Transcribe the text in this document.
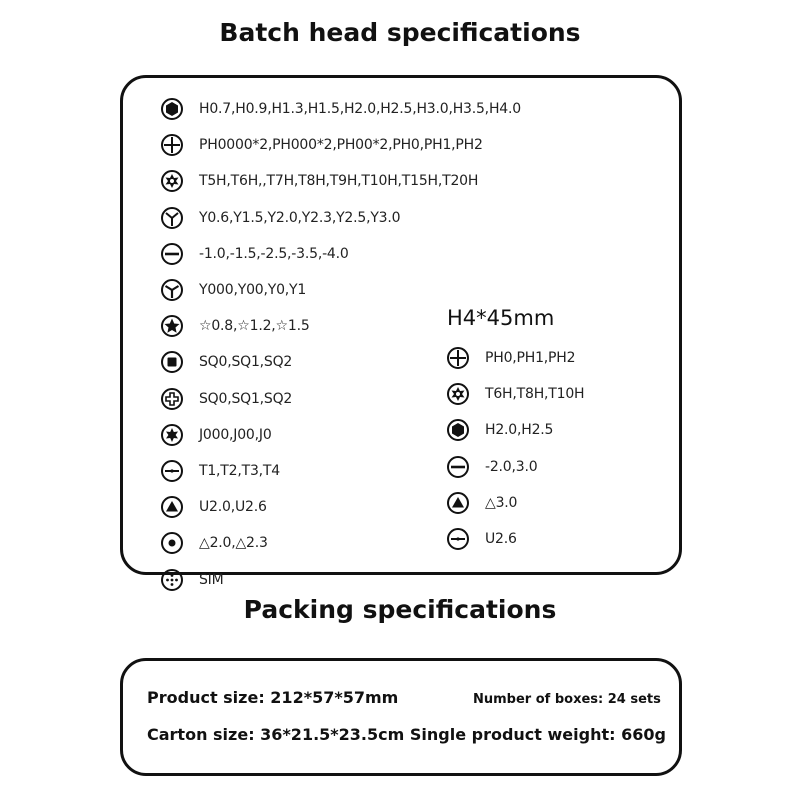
Batch head specifications
H0.7,H0.9,H1.3,H1.5,H2.0,H2.5,H3.0,H3.5,H4.0
PH0000*2,PH000*2,PH00*2,PH0,PH1,PH2
T5H,T6H,,T7H,T8H,T9H,T10H,T15H,T20H
Y0.6,Y1.5,Y2.0,Y2.3,Y2.5,Y3.0
-1.0,-1.5,-2.5,-3.5,-4.0
Y000,Y00,Y0,Y1
☆0.8,☆1.2,☆1.5
SQ0,SQ1,SQ2
SQ0,SQ1,SQ2
J000,J00,J0
T1,T2,T3,T4
U2.0,U2.6
△2.0,△2.3
SIM
H4*45mm
PH0,PH1,PH2
T6H,T8H,T10H
H2.0,H2.5
-2.0,3.0
△3.0
U2.6
Packing specifications
Product size: 212*57*57mm	Number of boxes: 24 sets
Carton size: 36*21.5*23.5cm Single product weight: 660g
